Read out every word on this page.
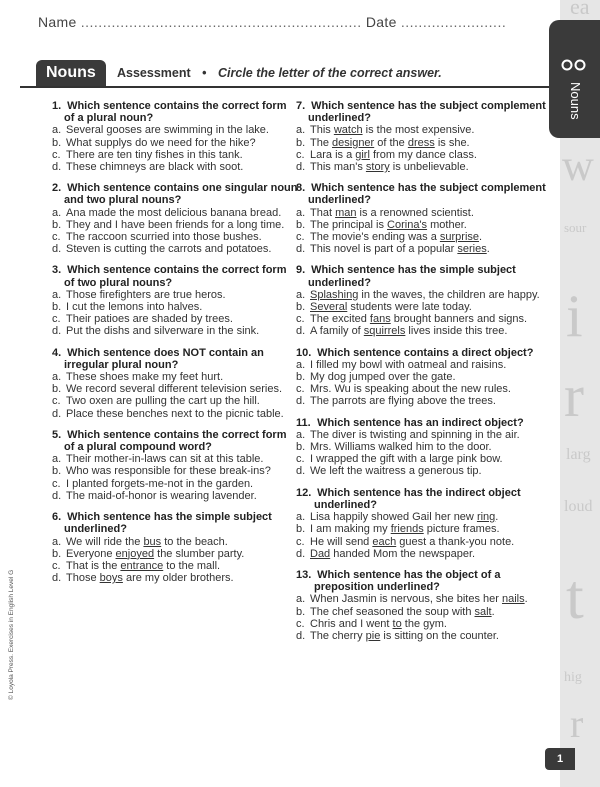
Name ................................................................ Date ........................
Nouns	Assessment • Circle the letter of the correct answer.
ea
w
sour
i
r
larg
loud
t
hig
r
Nouns
1. Which sentence contains the correct form of a plural noun?
a. Several gooses are swimming in the lake.
b. What supplys do we need for the hike?
c. There are ten tiny fishes in this tank.
d. These chimneys are black with soot.
2. Which sentence contains one singular noun and two plural nouns?
a. Ana made the most delicious banana bread.
b. They and I have been friends for a long time.
c. The raccoon scurried into those bushes.
d. Steven is cutting the carrots and potatoes.
3. Which sentence contains the correct form of two plural nouns?
a. Those firefighters are true heros.
b. I cut the lemons into halves.
c. Their patioes are shaded by trees.
d. Put the dishs and silverware in the sink.
4. Which sentence does NOT contain an irregular plural noun?
a. These shoes make my feet hurt.
b. We record several different television series.
c. Two oxen are pulling the cart up the hill.
d. Place these benches next to the picnic table.
5. Which sentence contains the correct form of a plural compound word?
a. Their mother-in-laws can sit at this table.
b. Who was responsible for these break-ins?
c. I planted forgets-me-not in the garden.
d. The maid-of-honor is wearing lavender.
6. Which sentence has the simple subject underlined?
a. We will ride the bus to the beach.
b. Everyone enjoyed the slumber party.
c. That is the entrance to the mall.
d. Those boys are my older brothers.
7. Which sentence has the subject complement underlined?
a. This watch is the most expensive.
b. The designer of the dress is she.
c. Lara is a girl from my dance class.
d. This man's story is unbelievable.
8. Which sentence has the subject complement underlined?
a. That man is a renowned scientist.
b. The principal is Corina's mother.
c. The movie's ending was a surprise.
d. This novel is part of a popular series.
9. Which sentence has the simple subject underlined?
a. Splashing in the waves, the children are happy.
b. Several students were late today.
c. The excited fans brought banners and signs.
d. A family of squirrels lives inside this tree.
10. Which sentence contains a direct object?
a. I filled my bowl with oatmeal and raisins.
b. My dog jumped over the gate.
c. Mrs. Wu is speaking about the new rules.
d. The parrots are flying above the trees.
11. Which sentence has an indirect object?
a. The diver is twisting and spinning in the air.
b. Mrs. Williams walked him to the door.
c. I wrapped the gift with a large pink bow.
d. We left the waitress a generous tip.
12. Which sentence has the indirect object underlined?
a. Lisa happily showed Gail her new ring.
b. I am making my friends picture frames.
c. He will send each guest a thank-you note.
d. Dad handed Mom the newspaper.
13. Which sentence has the object of a preposition underlined?
a. When Jasmin is nervous, she bites her nails.
b. The chef seasoned the soup with salt.
c. Chris and I went to the gym.
d. The cherry pie is sitting on the counter.
© Loyola Press. Exercises in English Level G
1
